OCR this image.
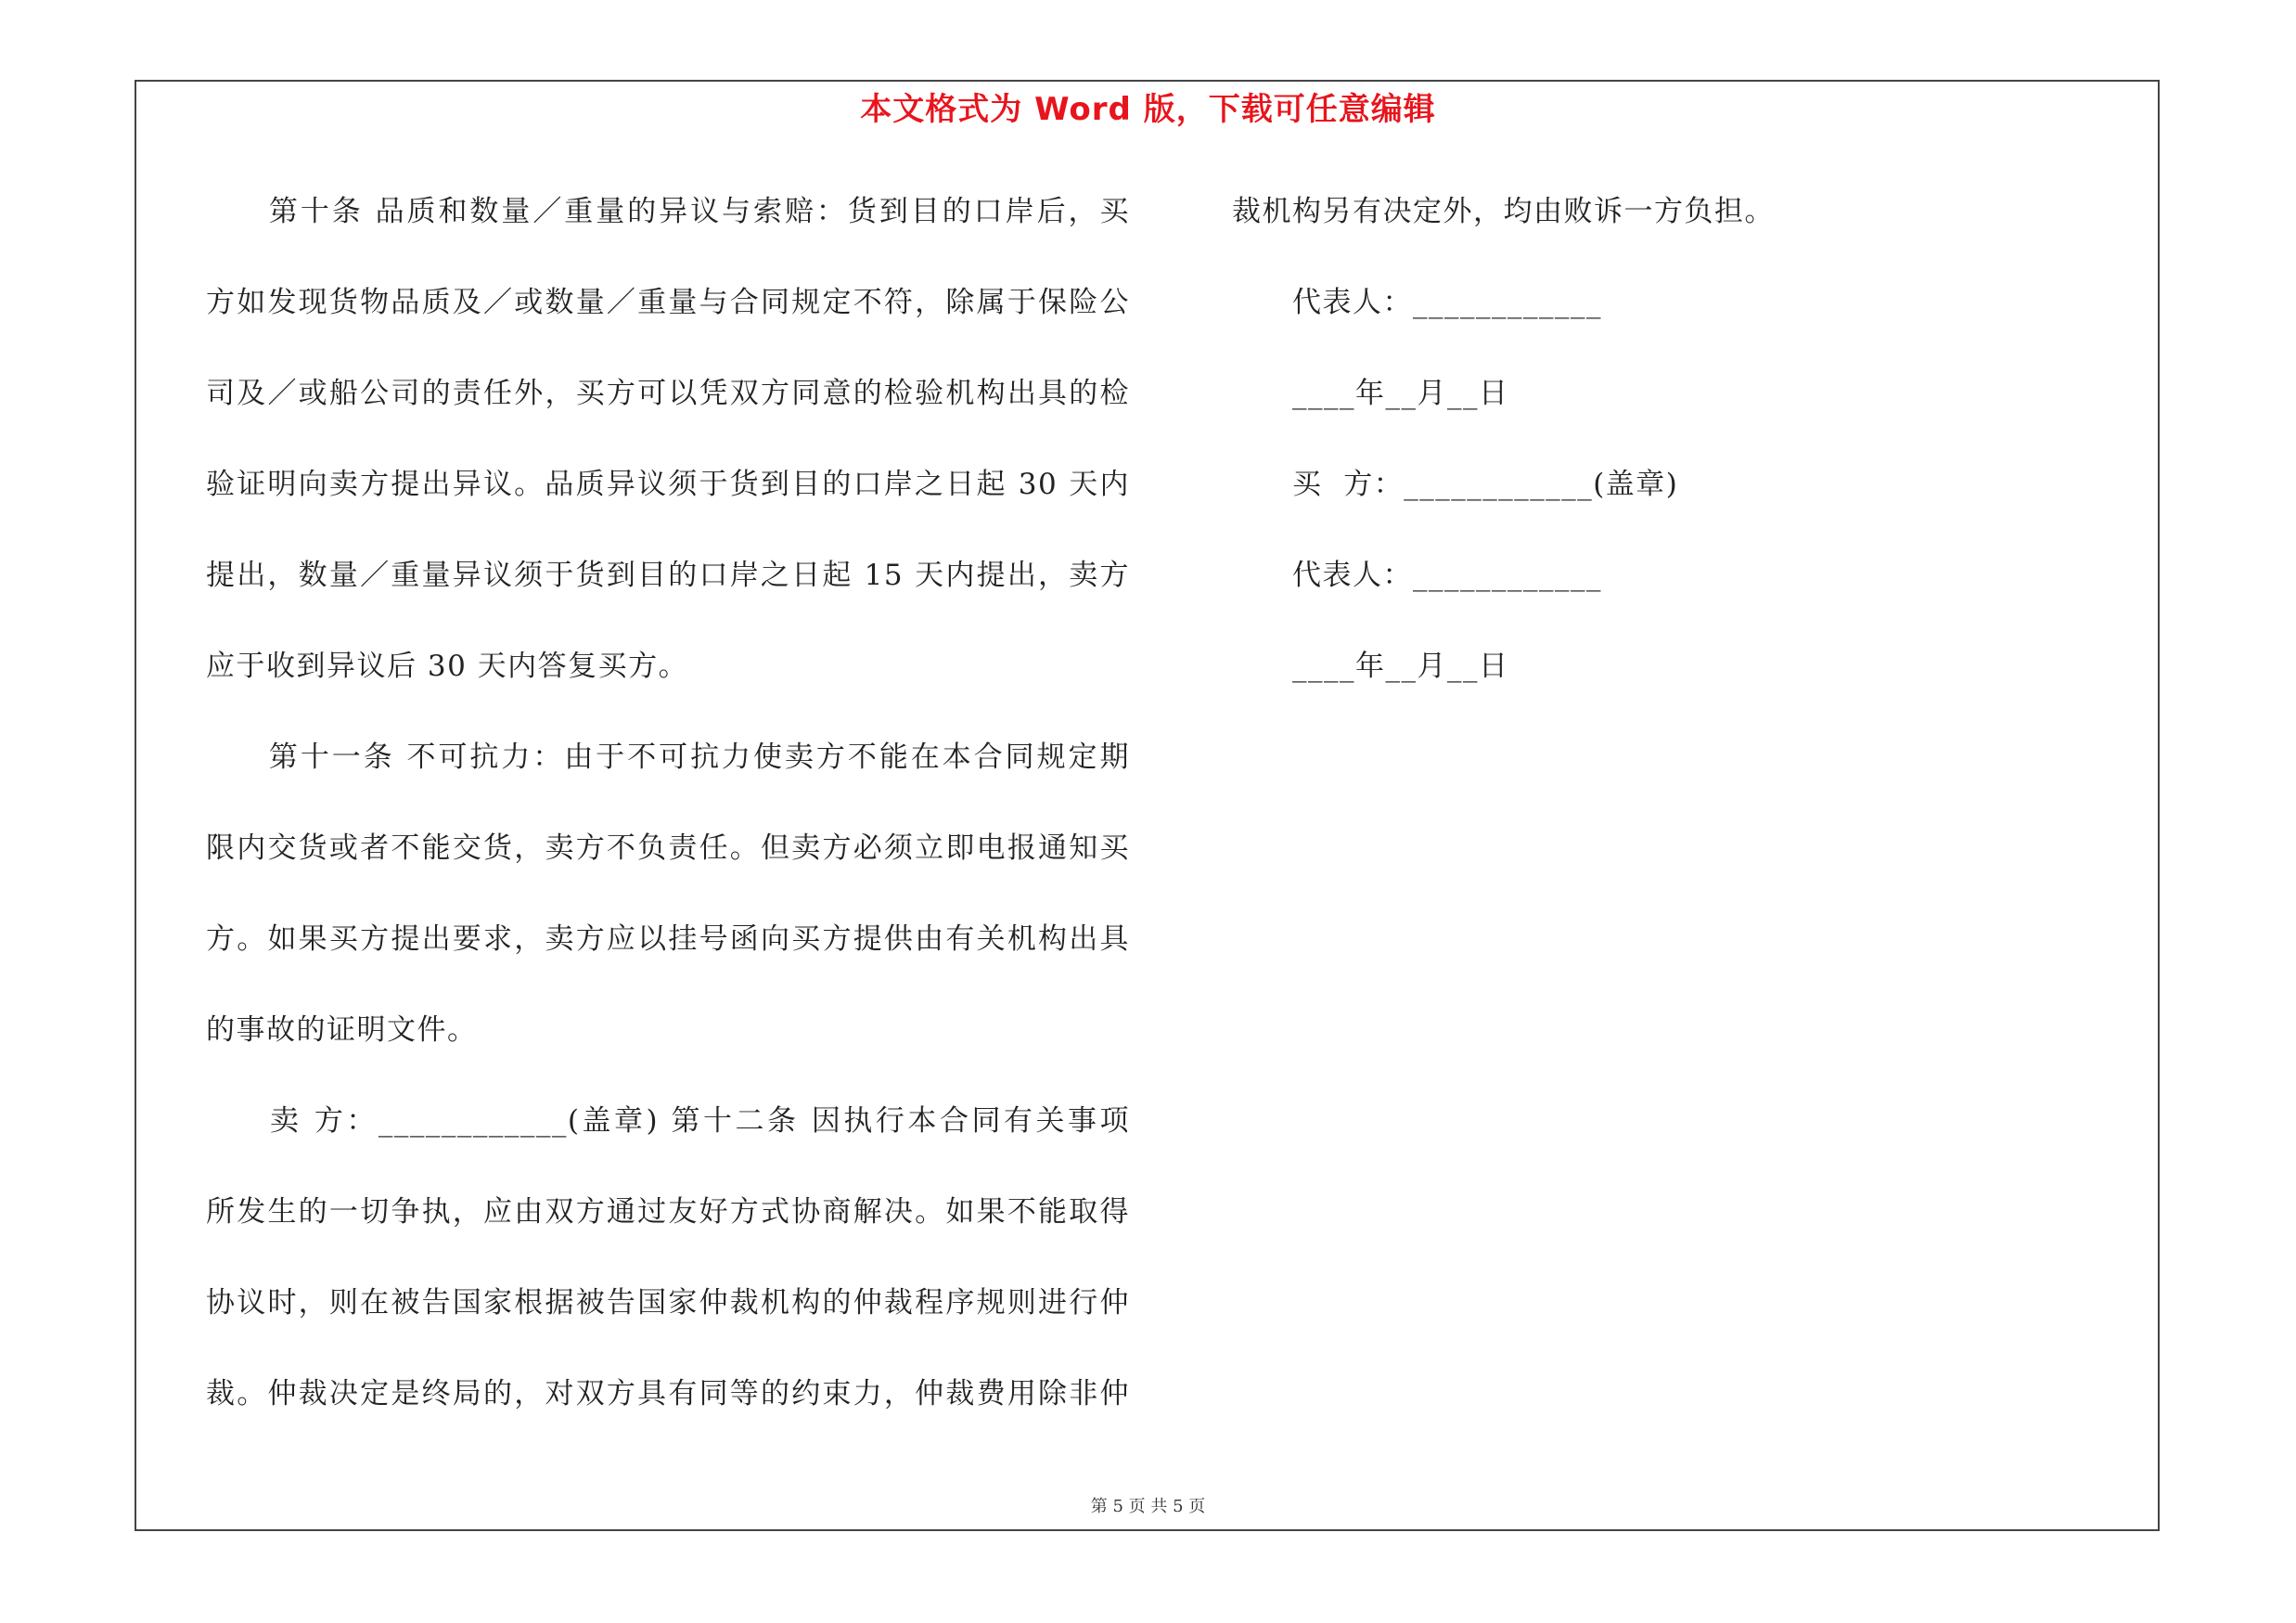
本文格式为 Word 版，下载可任意编辑

　　第十条 品质和数量／重量的异议与索赔：货到目的口岸后，买

方如发现货物品质及／或数量／重量与合同规定不符，除属于保险公

司及／或船公司的责任外，买方可以凭双方同意的检验机构出具的检

验证明向卖方提出异议。品质异议须于货到目的口岸之日起 30 天内

提出，数量／重量异议须于货到目的口岸之日起 15 天内提出，卖方

应于收到异议后 30 天内答复买方。

　　第十一条 不可抗力：由于不可抗力使卖方不能在本合同规定期

限内交货或者不能交货，卖方不负责任。但卖方必须立即电报通知买

方。如果买方提出要求，卖方应以挂号函向买方提供由有关机构出具

的事故的证明文件。

　　卖 方：____________(盖章) 第十二条 因执行本合同有关事项

所发生的一切争执，应由双方通过友好方式协商解决。如果不能取得

协议时，则在被告国家根据被告国家仲裁机构的仲裁程序规则进行仲

裁。仲裁决定是终局的，对双方具有同等的约束力，仲裁费用除非仲

裁机构另有决定外，均由败诉一方负担。

　　代表人：____________

　　____年__月__日

　　买  方：____________(盖章)

　　代表人：____________

　　____年__月__日

第 5 页 共 5 页
